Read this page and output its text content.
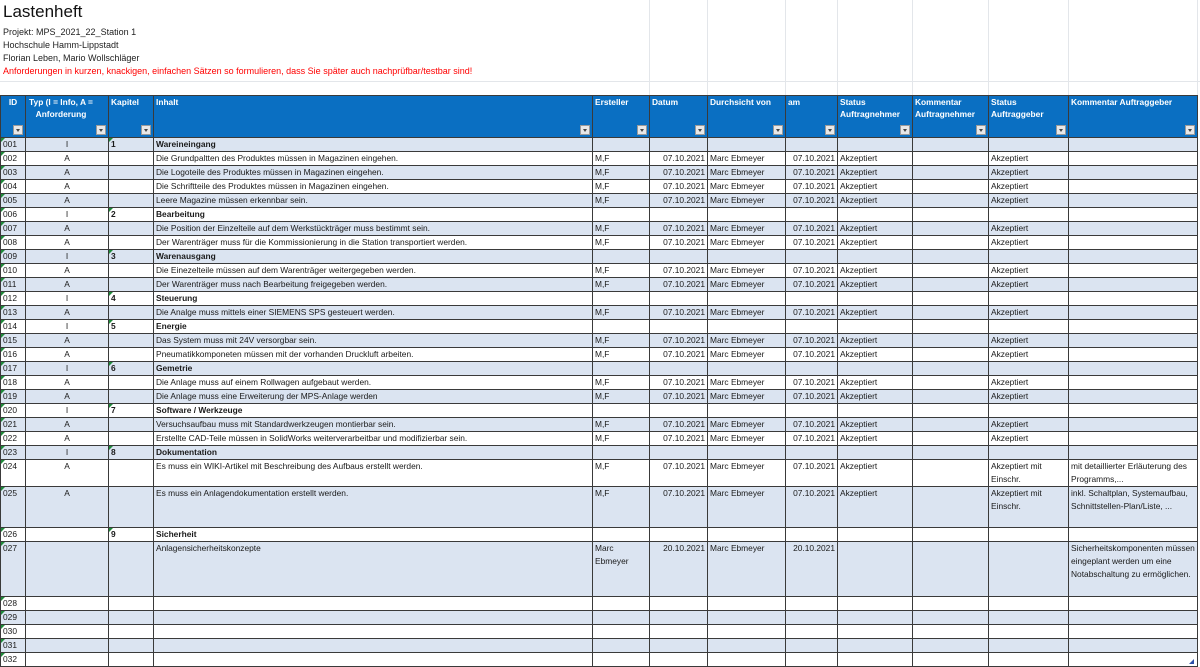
Lastenheft
Projekt: MPS_2021_22_Station 1
Hochschule Hamm-Lippstadt
Florian Leben, Mario Wollschläger
Anforderungen in kurzen, knackigen, einfachen Sätzen so formulieren, dass Sie später auch nachprüfbar/testbar sind!
ID	Typ (I = Info, A = Anforderung	Kapitel	Inhalt	Ersteller	Datum	Durchsicht von	am	Status Auftragnehmer	Kommentar Auftragnehmer	Status Auftraggeber	Kommentar Auftraggeber

001	I	1	Wareineingang								
002	A		Die Grundpaltten des Produktes müssen in Magazinen eingehen.	M,F	07.10.2021	Marc Ebmeyer	07.10.2021	Akzeptiert		Akzeptiert	
003	A		Die Logoteile des Produktes müssen in Magazinen eingehen.	M,F	07.10.2021	Marc Ebmeyer	07.10.2021	Akzeptiert		Akzeptiert	
004	A		Die Schriftteile des Produktes müssen in Magazinen eingehen.	M,F	07.10.2021	Marc Ebmeyer	07.10.2021	Akzeptiert		Akzeptiert	
005	A		Leere Magazine müssen erkennbar sein.	M,F	07.10.2021	Marc Ebmeyer	07.10.2021	Akzeptiert		Akzeptiert	
006	I	2	Bearbeitung								
007	A		Die Position der Einzelteile auf dem Werkstückträger muss bestimmt sein.	M,F	07.10.2021	Marc Ebmeyer	07.10.2021	Akzeptiert		Akzeptiert	
008	A		Der Warenträger muss für die Kommissionierung in die Station transportiert werden.	M,F	07.10.2021	Marc Ebmeyer	07.10.2021	Akzeptiert		Akzeptiert	
009	I	3	Warenausgang								
010	A		Die Einezelteile müssen auf dem Warenträger weitergegeben werden.	M,F	07.10.2021	Marc Ebmeyer	07.10.2021	Akzeptiert		Akzeptiert	
011	A		Der Warenträger muss nach Bearbeitung freigegeben werden.	M,F	07.10.2021	Marc Ebmeyer	07.10.2021	Akzeptiert		Akzeptiert	
012	I	4	Steuerung								
013	A		Die Analge muss mittels einer SIEMENS SPS gesteuert werden.	M,F	07.10.2021	Marc Ebmeyer	07.10.2021	Akzeptiert		Akzeptiert	
014	I	5	Energie								
015	A		Das System muss mit 24V versorgbar sein.	M,F	07.10.2021	Marc Ebmeyer	07.10.2021	Akzeptiert		Akzeptiert	
016	A		Pneumatikkomponeten müssen mit der vorhanden Druckluft arbeiten.	M,F	07.10.2021	Marc Ebmeyer	07.10.2021	Akzeptiert		Akzeptiert	
017	I	6	Gemetrie								
018	A		Die Anlage muss auf einem Rollwagen aufgebaut werden.	M,F	07.10.2021	Marc Ebmeyer	07.10.2021	Akzeptiert		Akzeptiert	
019	A		Die Anlage muss eine Erweiterung der MPS-Anlage werden	M,F	07.10.2021	Marc Ebmeyer	07.10.2021	Akzeptiert		Akzeptiert	
020	I	7	Software / Werkzeuge								
021	A		Versuchsaufbau muss mit Standardwerkzeugen montierbar sein.	M,F	07.10.2021	Marc Ebmeyer	07.10.2021	Akzeptiert		Akzeptiert	
022	A		Erstellte CAD-Teile müssen in SolidWorks weiterverarbeitbar und modifizierbar sein.	M,F	07.10.2021	Marc Ebmeyer	07.10.2021	Akzeptiert		Akzeptiert	
023	I	8	Dokumentation								
024	A		Es muss ein WIKI-Artikel mit Beschreibung des Aufbaus erstellt werden.	M,F	07.10.2021	Marc Ebmeyer	07.10.2021	Akzeptiert		Akzeptiert mit Einschr.	mit detaillierter Erläuterung des Programms,...
025	A		Es muss ein Anlagendokumentation erstellt werden.	M,F	07.10.2021	Marc Ebmeyer	07.10.2021	Akzeptiert		Akzeptiert mit Einschr.	inkl. Schaltplan, Systemaufbau, Schnittstellen-Plan/Liste, ...
026		9	Sicherheit								
027			Anlagensicherheitskonzepte	Marc Ebmeyer	20.10.2021	Marc Ebmeyer	20.10.2021				Sicherheitskomponenten müssen eingeplant werden um eine Notabschaltung zu ermöglichen.
028											
029											
030											
031											
032											
